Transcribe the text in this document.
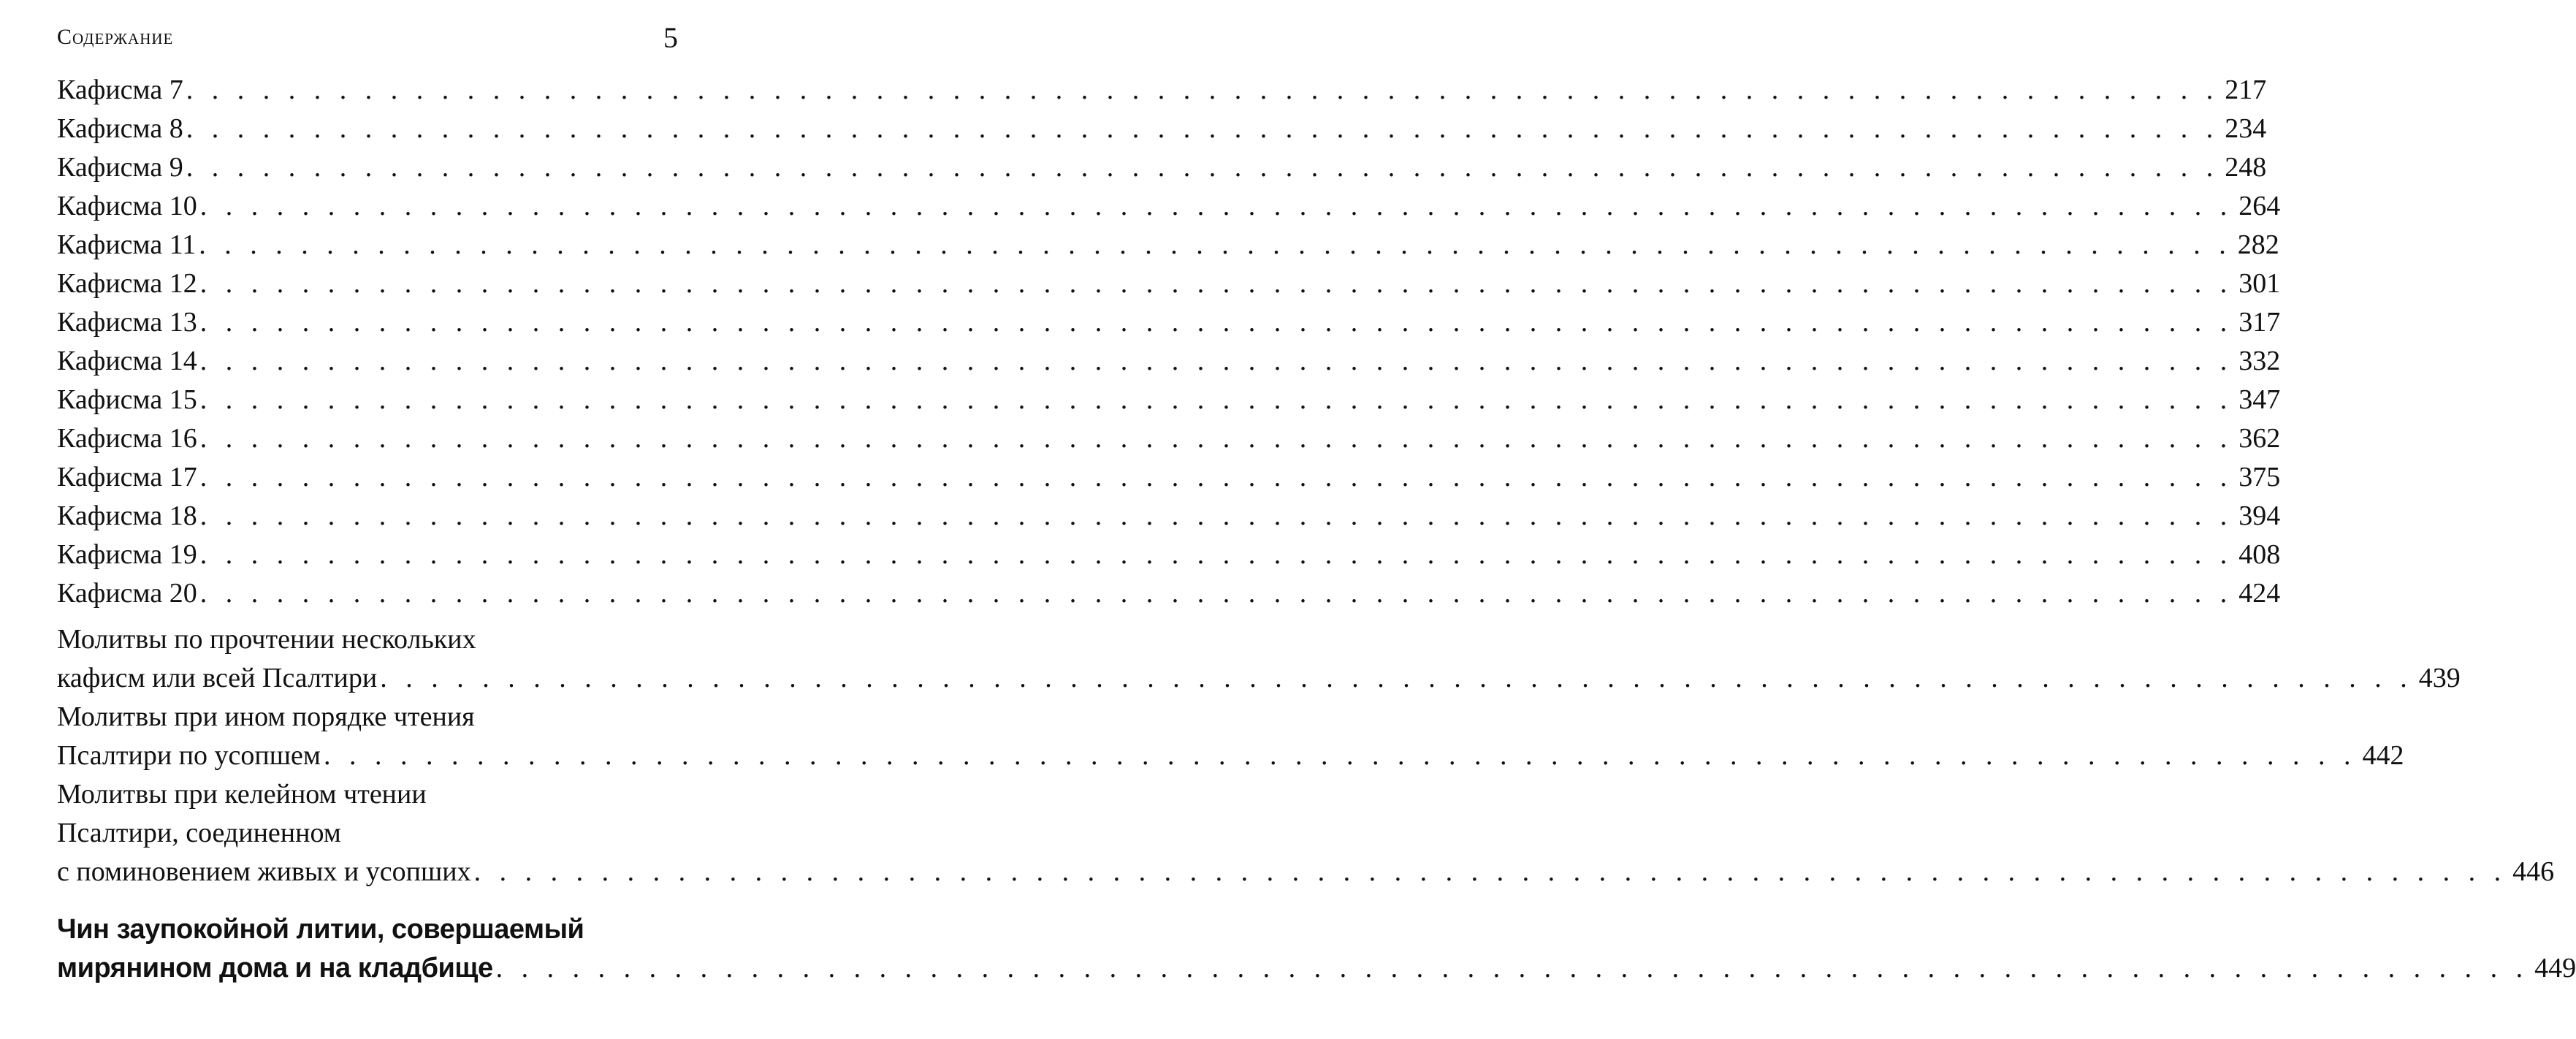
Содержание	5
Кафисма 7 . . . . . . . . . . . . . . . . . . . . . . . . . . . . . . . . . . . . . . . . . . . . . . . . . . . . . . . . . . . . . . . . . . . . . . . . . . . . . . . . 217
Кафисма 8 . . . . . . . . . . . . . . . . . . . . . . . . . . . . . . . . . . . . . . . . . . . . . . . . . . . . . . . . . . . . . . . . . . . . . . . . . . . . . . . . 234
Кафисма 9 . . . . . . . . . . . . . . . . . . . . . . . . . . . . . . . . . . . . . . . . . . . . . . . . . . . . . . . . . . . . . . . . . . . . . . . . . . . . . . . . 248
Кафисма 10 . . . . . . . . . . . . . . . . . . . . . . . . . . . . . . . . . . . . . . . . . . . . . . . . . . . . . . . . . . . . . . . . . . . . . . . . . . . . . . . . 264
Кафисма 11 . . . . . . . . . . . . . . . . . . . . . . . . . . . . . . . . . . . . . . . . . . . . . . . . . . . . . . . . . . . . . . . . . . . . . . . . . . . . . . . . 282
Кафисма 12 . . . . . . . . . . . . . . . . . . . . . . . . . . . . . . . . . . . . . . . . . . . . . . . . . . . . . . . . . . . . . . . . . . . . . . . . . . . . . . . . 301
Кафисма 13 . . . . . . . . . . . . . . . . . . . . . . . . . . . . . . . . . . . . . . . . . . . . . . . . . . . . . . . . . . . . . . . . . . . . . . . . . . . . . . . . 317
Кафисма 14 . . . . . . . . . . . . . . . . . . . . . . . . . . . . . . . . . . . . . . . . . . . . . . . . . . . . . . . . . . . . . . . . . . . . . . . . . . . . . . . . 332
Кафисма 15 . . . . . . . . . . . . . . . . . . . . . . . . . . . . . . . . . . . . . . . . . . . . . . . . . . . . . . . . . . . . . . . . . . . . . . . . . . . . . . . . 347
Кафисма 16 . . . . . . . . . . . . . . . . . . . . . . . . . . . . . . . . . . . . . . . . . . . . . . . . . . . . . . . . . . . . . . . . . . . . . . . . . . . . . . . . 362
Кафисма 17 . . . . . . . . . . . . . . . . . . . . . . . . . . . . . . . . . . . . . . . . . . . . . . . . . . . . . . . . . . . . . . . . . . . . . . . . . . . . . . . . 375
Кафисма 18 . . . . . . . . . . . . . . . . . . . . . . . . . . . . . . . . . . . . . . . . . . . . . . . . . . . . . . . . . . . . . . . . . . . . . . . . . . . . . . . . 394
Кафисма 19 . . . . . . . . . . . . . . . . . . . . . . . . . . . . . . . . . . . . . . . . . . . . . . . . . . . . . . . . . . . . . . . . . . . . . . . . . . . . . . . . 408
Кафисма 20 . . . . . . . . . . . . . . . . . . . . . . . . . . . . . . . . . . . . . . . . . . . . . . . . . . . . . . . . . . . . . . . . . . . . . . . . . . . . . . . . 424
Молитвы по прочтении нескольких
кафисм или всей Псалтири . . . . . . . . . . . . . . . . . . . . . . . . . . . . . . . . . . . . . . . . . . . . . . . . . . . . . . . . . . . . . . . . . . . . . . . . . . . . . . . . 439
Молитвы при ином порядке чтения
Псалтири по усопшем . . . . . . . . . . . . . . . . . . . . . . . . . . . . . . . . . . . . . . . . . . . . . . . . . . . . . . . . . . . . . . . . . . . . . . . . . . . . . . . . 442
Молитвы при келейном чтении
Псалтири, соединенном
с поминовением живых и усопших . . . . . . . . . . . . . . . . . . . . . . . . . . . . . . . . . . . . . . . . . . . . . . . . . . . . . . . . . . . . . . . . . . . . . . . . . . . . . . . . 446
Чин заупокойной литии, совершаемый
мирянином дома и на кладбище . . . . . . . . . . . . . . . . . . . . . . . . . . . . . . . . . . . . . . . . . . . . . . . . . . . . . . . . . . . . . . . . . . . . . . . . . . . . . . . . 449
